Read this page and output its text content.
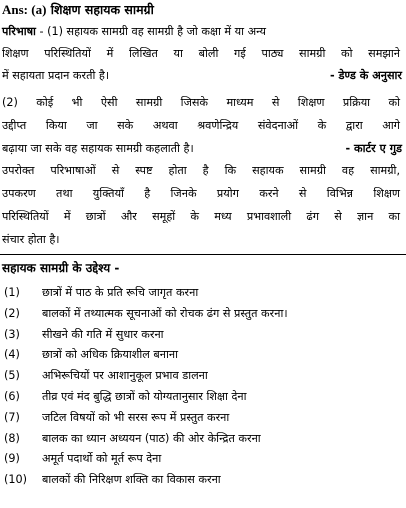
Ans: (a) शिक्षण सहायक सामग्री
परिभाषा - (1) सहायक सामग्री वह सामग्री है जो कक्षा में या अन्य
शिक्षण परिस्थितियों में लिखित या बोली गई पाठ्य सामग्री को समझाने
में सहायता प्रदान करती है।	- डेण्ड के अनुसार
(2) कोई भी ऐसी सामग्री जिसके माध्यम से शिक्षण प्रक्रिया को
उद्दीप्त किया जा सके अथवा श्रवणेन्द्रिय संवेदनाओं के द्वारा आगे
बढ़ाया जा सके वह सहायक सामग्री कहलाती है।	- कार्टर ए गुड
उपरोक्त परिभाषाओं से स्पष्ट होता है कि सहायक सामग्री वह सामग्री,
उपकरण तथा युक्तियाँ है जिनके प्रयोग करने से विभिन्न शिक्षण
परिस्थितियों में छात्रों और समूहों के मध्य प्रभावशाली ढंग से ज्ञान का
संचार होता है।
सहायक सामग्री के उद्देश्य -
(1)	छात्रों में पाठ के प्रति रूचि जागृत करना
(2)	बालकों में तथ्यात्मक सूचनाओं को रोचक ढंग से प्रस्तुत करना।
(3)	सीखने की गति में सुधार करना
(4)	छात्रों को अधिक क्रियाशील बनाना
(5)	अभिरूचियों पर आशानुकूल प्रभाव डालना
(6)	तीव्र एवं मंद बुद्धि छात्रों को योग्यतानुसार शिक्षा देना
(7)	जटिल विषयों को भी सरस रूप में प्रस्तुत करना
(8)	बालक का ध्यान अध्ययन (पाठ) की ओर केन्द्रित करना
(9)	अमूर्त पदार्थो को मूर्त रूप देना
(10)	बालकों की निरिक्षण शक्ति का विकास करना
